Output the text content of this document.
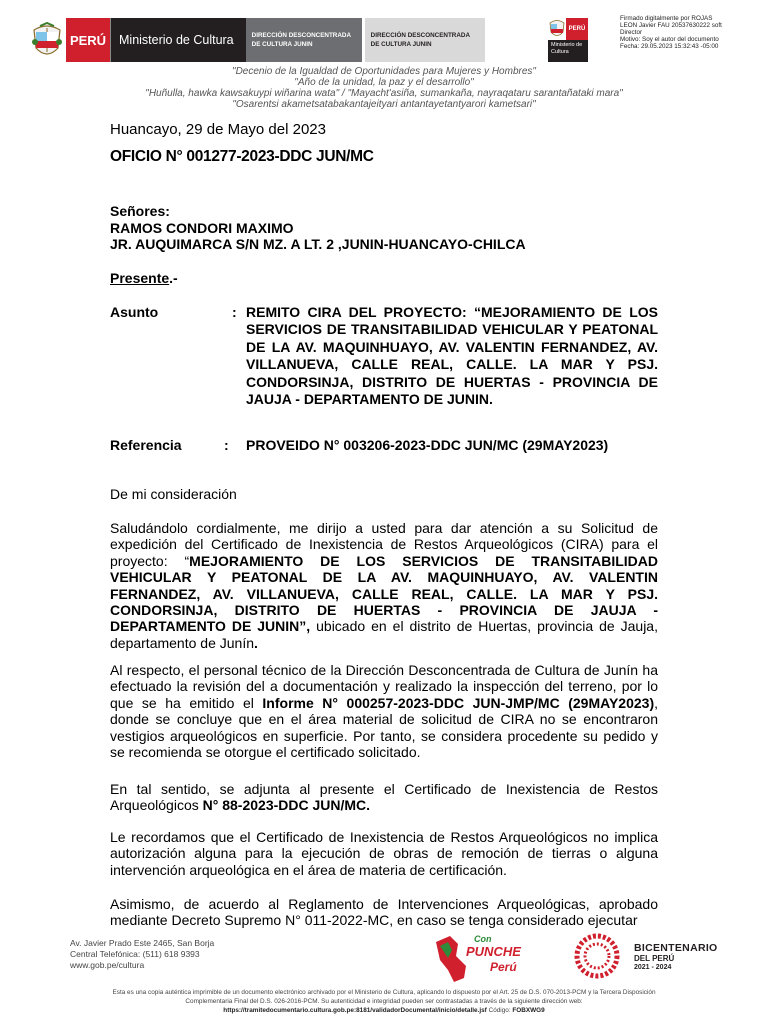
PERÚ	Ministerio de Cultura	DIRECCIÓN DESCONCENTRADA DE CULTURA JUNIN
DIRECCIÓN DESCONCENTRADA DE CULTURA JUNIN
PERÚ
Ministerio de Cultura
Firmado digitalmente por ROJAS
LEON Javier FAU 20537630222 soft
Director
Motivo: Soy el autor del documento
Fecha: 29.05.2023 15:32:43 -05:00
"Decenio de la Igualdad de Oportunidades para Mujeres y Hombres"
"Año de la unidad, la paz y el desarrollo"
"Huñulla, hawka kawsakuypi wiñarina wata" / "Mayacht'asiña, sumankaña, nayraqataru sarantañataki mara"
"Osarentsi akametsatabakantajeityari antantayetantyarori kametsari"
Huancayo, 29 de Mayo del 2023
OFICIO N° 001277-2023-DDC JUN/MC
Señores:
RAMOS CONDORI MAXIMO
JR. AUQUIMARCA S/N MZ. A LT. 2 ,JUNIN-HUANCAYO-CHILCA
Presente.-
Asunto	: REMITO CIRA DEL PROYECTO: “MEJORAMIENTO DE LOS SERVICIOS DE TRANSITABILIDAD VEHICULAR Y PEATONAL DE LA AV. MAQUINHUAYO, AV. VALENTIN FERNANDEZ, AV. VILLANUEVA, CALLE REAL, CALLE. LA MAR Y PSJ. CONDORSINJA, DISTRITO DE HUERTAS - PROVINCIA DE JAUJA - DEPARTAMENTO DE JUNIN.
Referencia	: PROVEIDO N° 003206-2023-DDC JUN/MC (29MAY2023)
De mi consideración
Saludándolo cordialmente, me dirijo a usted para dar atención a su Solicitud de expedición del Certificado de Inexistencia de Restos Arqueológicos (CIRA) para el proyecto: “MEJORAMIENTO DE LOS SERVICIOS DE TRANSITABILIDAD VEHICULAR Y PEATONAL DE LA AV. MAQUINHUAYO, AV. VALENTIN FERNANDEZ, AV. VILLANUEVA, CALLE REAL, CALLE. LA MAR Y PSJ. CONDORSINJA, DISTRITO DE HUERTAS - PROVINCIA DE JAUJA - DEPARTAMENTO DE JUNIN”, ubicado en el distrito de Huertas, provincia de Jauja, departamento de Junín.
Al respecto, el personal técnico de la Dirección Desconcentrada de Cultura de Junín ha efectuado la revisión del a documentación y realizado la inspección del terreno, por lo que se ha emitido el Informe N° 000257-2023-DDC JUN-JMP/MC (29MAY2023), donde se concluye que en el área material de solicitud de CIRA no se encontraron vestigios arqueológicos en superficie. Por tanto, se considera procedente su pedido y se recomienda se otorgue el certificado solicitado.
En tal sentido, se adjunta al presente el Certificado de Inexistencia de Restos Arqueológicos N° 88-2023-DDC JUN/MC.
Le recordamos que el Certificado de Inexistencia de Restos Arqueológicos no implica autorización alguna para la ejecución de obras de remoción de tierras o alguna intervención arqueológica en el área de materia de certificación.
Asimismo, de acuerdo al Reglamento de Intervenciones Arqueológicas, aprobado mediante Decreto Supremo N° 011-2022-MC, en caso se tenga considerado ejecutar
Av. Javier Prado Este 2465, San Borja
Central Telefónica: (511) 618 9393
www.gob.pe/cultura
Con
PUNCHE
Perú
BICENTENARIO
DEL PERÚ
2021 - 2024
Esta es una copia auténtica imprimible de un documento electrónico archivado por el Ministerio de Cultura, aplicando lo dispuesto por el Art. 25 de D.S. 070-2013-PCM y la Tercera Disposición
Complementaria Final del D.S. 026-2016-PCM. Su autenticidad e integridad pueden ser contrastadas a través de la siguiente dirección web:
https://tramitedocumentario.cultura.gob.pe:8181/validadorDocumental/inicio/detalle.jsf Código: FOBXWG9
